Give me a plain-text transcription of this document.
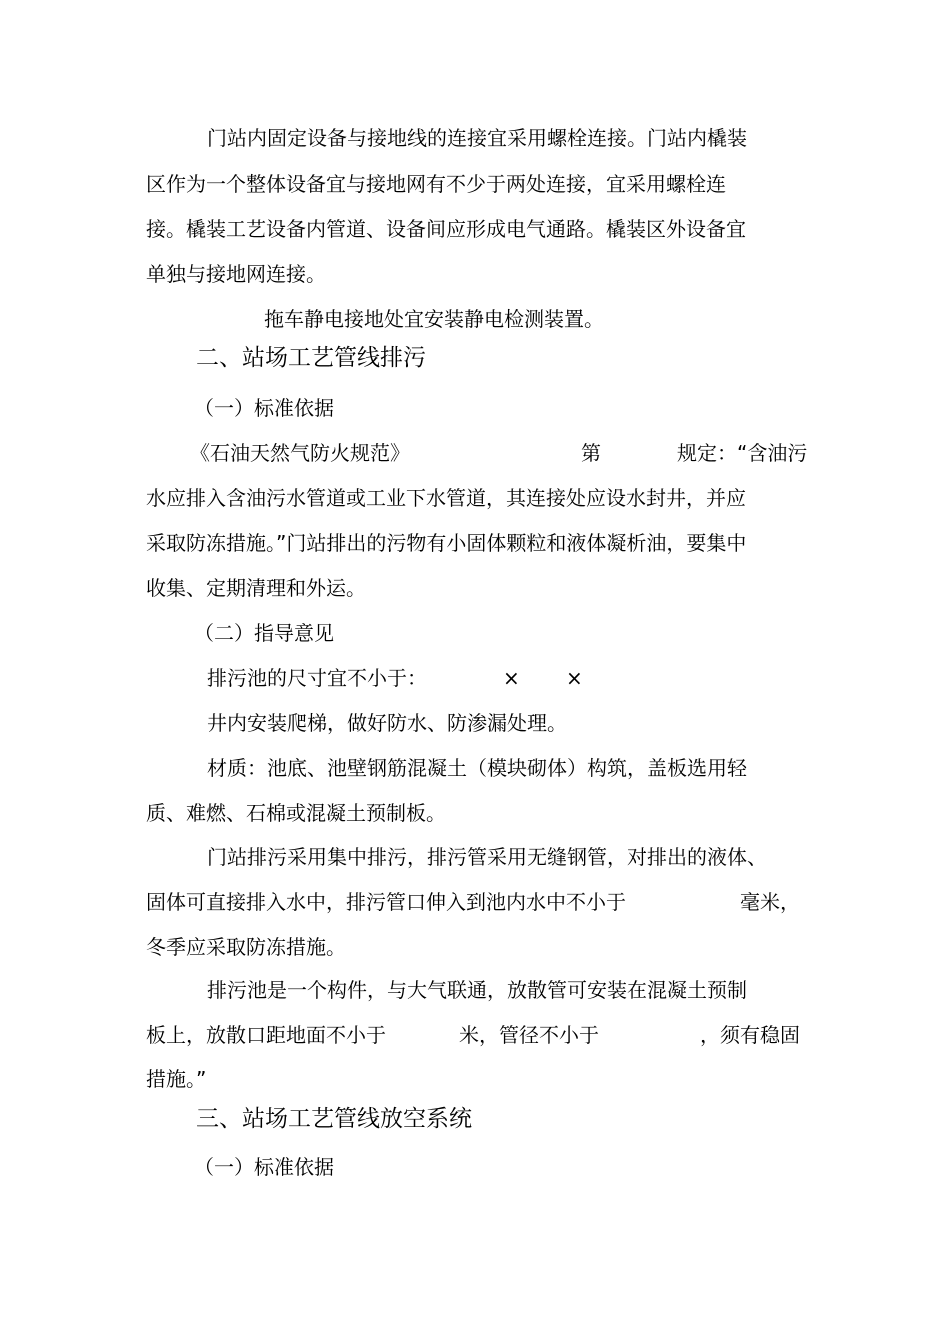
门站内固定设备与接地线的连接宜采用螺栓连接。门站内橇装
区作为一个整体设备宜与接地网有不少于两处连接，宜采用螺栓连
接。橇装工艺设备内管道、设备间应形成电气通路。橇装区外设备宜
单独与接地网连接。
拖车静电接地处宜安装静电检测装置。
二、站场工艺管线排污
（一）标准依据
《石油天然气防火规范》	第	规定：“含油污
水应排入含油污水管道或工业下水管道，其连接处应设水封井，并应
采取防冻措施。”门站排出的污物有小固体颗粒和液体凝析油，要集中
收集、定期清理和外运。
（二）指导意见
排污池的尺寸宜不小于：	× ×
井内安装爬梯，做好防水、防渗漏处理。
材质：池底、池壁钢筋混凝土（模块砌体）构筑，盖板选用轻
质、难燃、石棉或混凝土预制板。
门站排污采用集中排污，排污管采用无缝钢管，对排出的液体、
固体可直接排入水中，排污管口伸入到池内水中不小于	毫米，
冬季应采取防冻措施。
排污池是一个构件，与大气联通，放散管可安装在混凝土预制
板上，放散口距地面不小于	米，管径不小于	，须有稳固
措施。”
三、站场工艺管线放空系统
（一）标准依据
